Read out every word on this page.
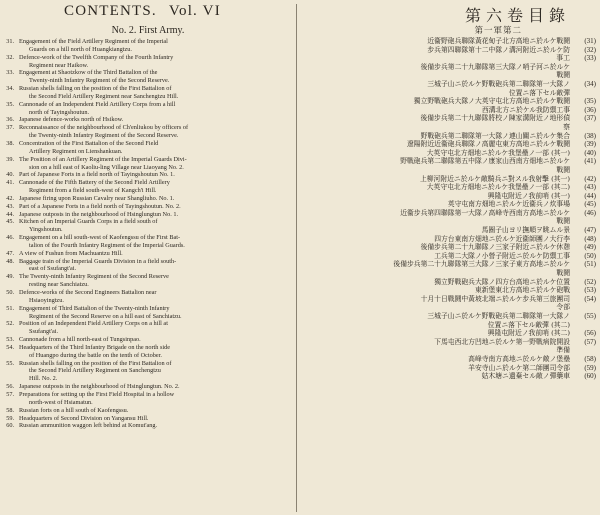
CONTENTS. Vol. VI
No. 2. First Army.
31. Engagement of the Field Artillery Regiment of the Imperial
Guards on a hill north of Huangkiangtzu.
32. Defence-work of the Twelfth Company of the Fourth Infantry
Regiment near Haikow.
33. Engagement at Shaotzkow of the Third Battalion of the
Twenty-ninth Infantry Regiment of the Second Reserve.
34. Russian shells falling on the position of the First Battalion of
the Second Field Artillery Regiment near Sanchengtzu Hill.
35. Cannonade of an Independent Field Artillery Corps from a hill
north of Tayingshoutun.
36. Japanese defence-works north of Hsikow.
37. Reconnaissance of the neighbourhood of Ch'enliukou by officers of
the Twenty-ninth Infantry Regiment of the Second Reserve.
38. Concentration of the First Battalion of the Second Field
Artillery Regiment on Lienshankuan.
39. The Position of an Artillery Regiment of the Imperial Guards Divi-
sion on a hill east of Kaoliu-ling Village near Liaoyang No. 2.
40. Part of Japanese Forts in a field north of Tayingshoutun No. 1.
41. Cannonade of the Fifth Battery of the Second Field Artillery
Regiment from a field south-west of Kangch'i Hill.
42. Japanese firing upon Russian Cavalry near Shangliuho. No. 1.
43. Part of a Japanese Forts in a field north of Tayingshoutun. No. 2.
44. Japanese outposts in the neighbourhood of Hsinglungtun No. 1.
45. Kitchen of an Imperial Guards Corps in a field south of
Yingshoutun.
46. Engagement on a hill south-west of Kaofengssu of the First Bat-
talion of the Fourth Infantry Regiment of the Imperial Guards.
47. A view of Fushun from Machuantzu Hill.
48. Baggage train of the Imperial Guards Division in a field south-
east of Ssufangt'ai.
49. The Twenty-ninth Infantry Regiment of the Second Reserve
resting near Sanchiatzu.
50. Defence-works of the Second Engineers Battalion near
Hsiaoyingtzu.
51. Engagement of Third Battalion of the Twenty-ninth Infantry
Regiment of the Second Reserve on a hill east of Sanchiatzu.
52. Position of an Independent Field Artillery Corps on a hill at
Ssufangt'ai.
53. Cannonade from a hill north-east of Tungsinpao.
54. Headquarters of the Third Infantry Brigade on the north side
of Huangpo during the battle on the tenth of October.
55. Russian shells falling on the position of the First Battalion of
the Second Field Artillery Regiment on Sanchengtzu
Hill. No. 2.
56. Japanese outposts in the neighbourhood of Hsinglungtun. No. 2.
57. Preparations for setting up the First Field Hospital in a hollow
north-west of Hsiamatun.
58. Russian forts on a hill south of Kaofengssu.
59. Headquarters of Second Division on Yangansu Hill.
60. Russian ammunition waggon left behind at Komut'ang.
第六卷目錄
第一軍第二
近衞野砲兵聯隊黃花甸子北方高地ニ於ルケ戰鬪	(31)
步兵第四聯隊第十二中隊ノ溝河附近ニ於ルケ防	(32)
事工
後備步兵第二十九聯隊第三大隊ノ哨子河ニ於ルケ
戰鬪
(33)
三城子山ニ於ルケ野戰砲兵第二聯隊第一大隊ノ
位置ニ落下セル敵彈
(34)
獨立野戰砲兵大隊ノ大英守屯北方高地ニ於ルケ戰鬪	(35)
西溝北方ニ於ケル我防禦工事	(36)
後備步兵第二十九聯隊將校ノ陳家溝附近ノ地形偵
察
(37)
野戰砲兵第二聯隊第一大隊ノ連山關ニ於ルケ集合	(38)
遼陽附近近衞砲兵聯隊ノ高麗屯東方高地ニ於ルケ戰鬪	(39)
大英守屯北方畑地ニ於ルケ我堡壘ノ一部 (其一)	(40)
野戰砲兵第二聯隊第五中隊ノ康家山西南方畑地ニ於ルケ
戰鬪
(41)
上柳河附近ニ於ルケ敵騎兵ニ對スル我射擊 (其一)	(42)
大英守屯北方畑地ニ於ルケ我堡壘ノ一部 (其二)	(43)
興隆屯附近ノ我前哨 (其一)	(44)
英守屯南方畑地ニ於ルケ近衞兵ノ炊事場	(45)
近衞步兵第四聯隊第一大隊ノ高峰寺西南方高地ニ於ルケ
戰鬪
(46)
馬圈子山ヨリ撫順ヲ眺ムル景	(47)
四方台東南方畑地ニ於ルケ近衞師團ノ大行李	(48)
後備步兵第二十九聯隊ノ三家子附近ニ於ルケ休憩	(49)
工兵第二大隊ノ小營子附近ニ於ルケ防禦工事	(50)
後備步兵第二十九聯隊第三大隊ノ三家子東方高地ニ於ルケ
戰鬪
(51)
獨立野戰砲兵大隊ノ四方台高地ニ於ルケ位置	(52)
東新堡東北方高地ニ於ルケ砲戰	(53)
十月十日戰鬪中黃坡北端ニ於ルケ步兵第三旅團司
令部
(54)
三城子山ニ於ルケ野戰砲兵第二聯隊第一大隊ノ
位置ニ落下セル敵彈 (其二)
(55)
興隆屯附近ノ我前哨 (其二)	(56)
下馬屯西北方凹地ニ於ルケ第一野戰病院開設
準備
(57)
高峰寺南方高地ニ於ルケ敵ノ堡壘	(58)
羊安寺山ニ於ルケ第二師團司令部	(59)
姑木塘ニ遺棄セル敵ノ彈藥車	(60)
